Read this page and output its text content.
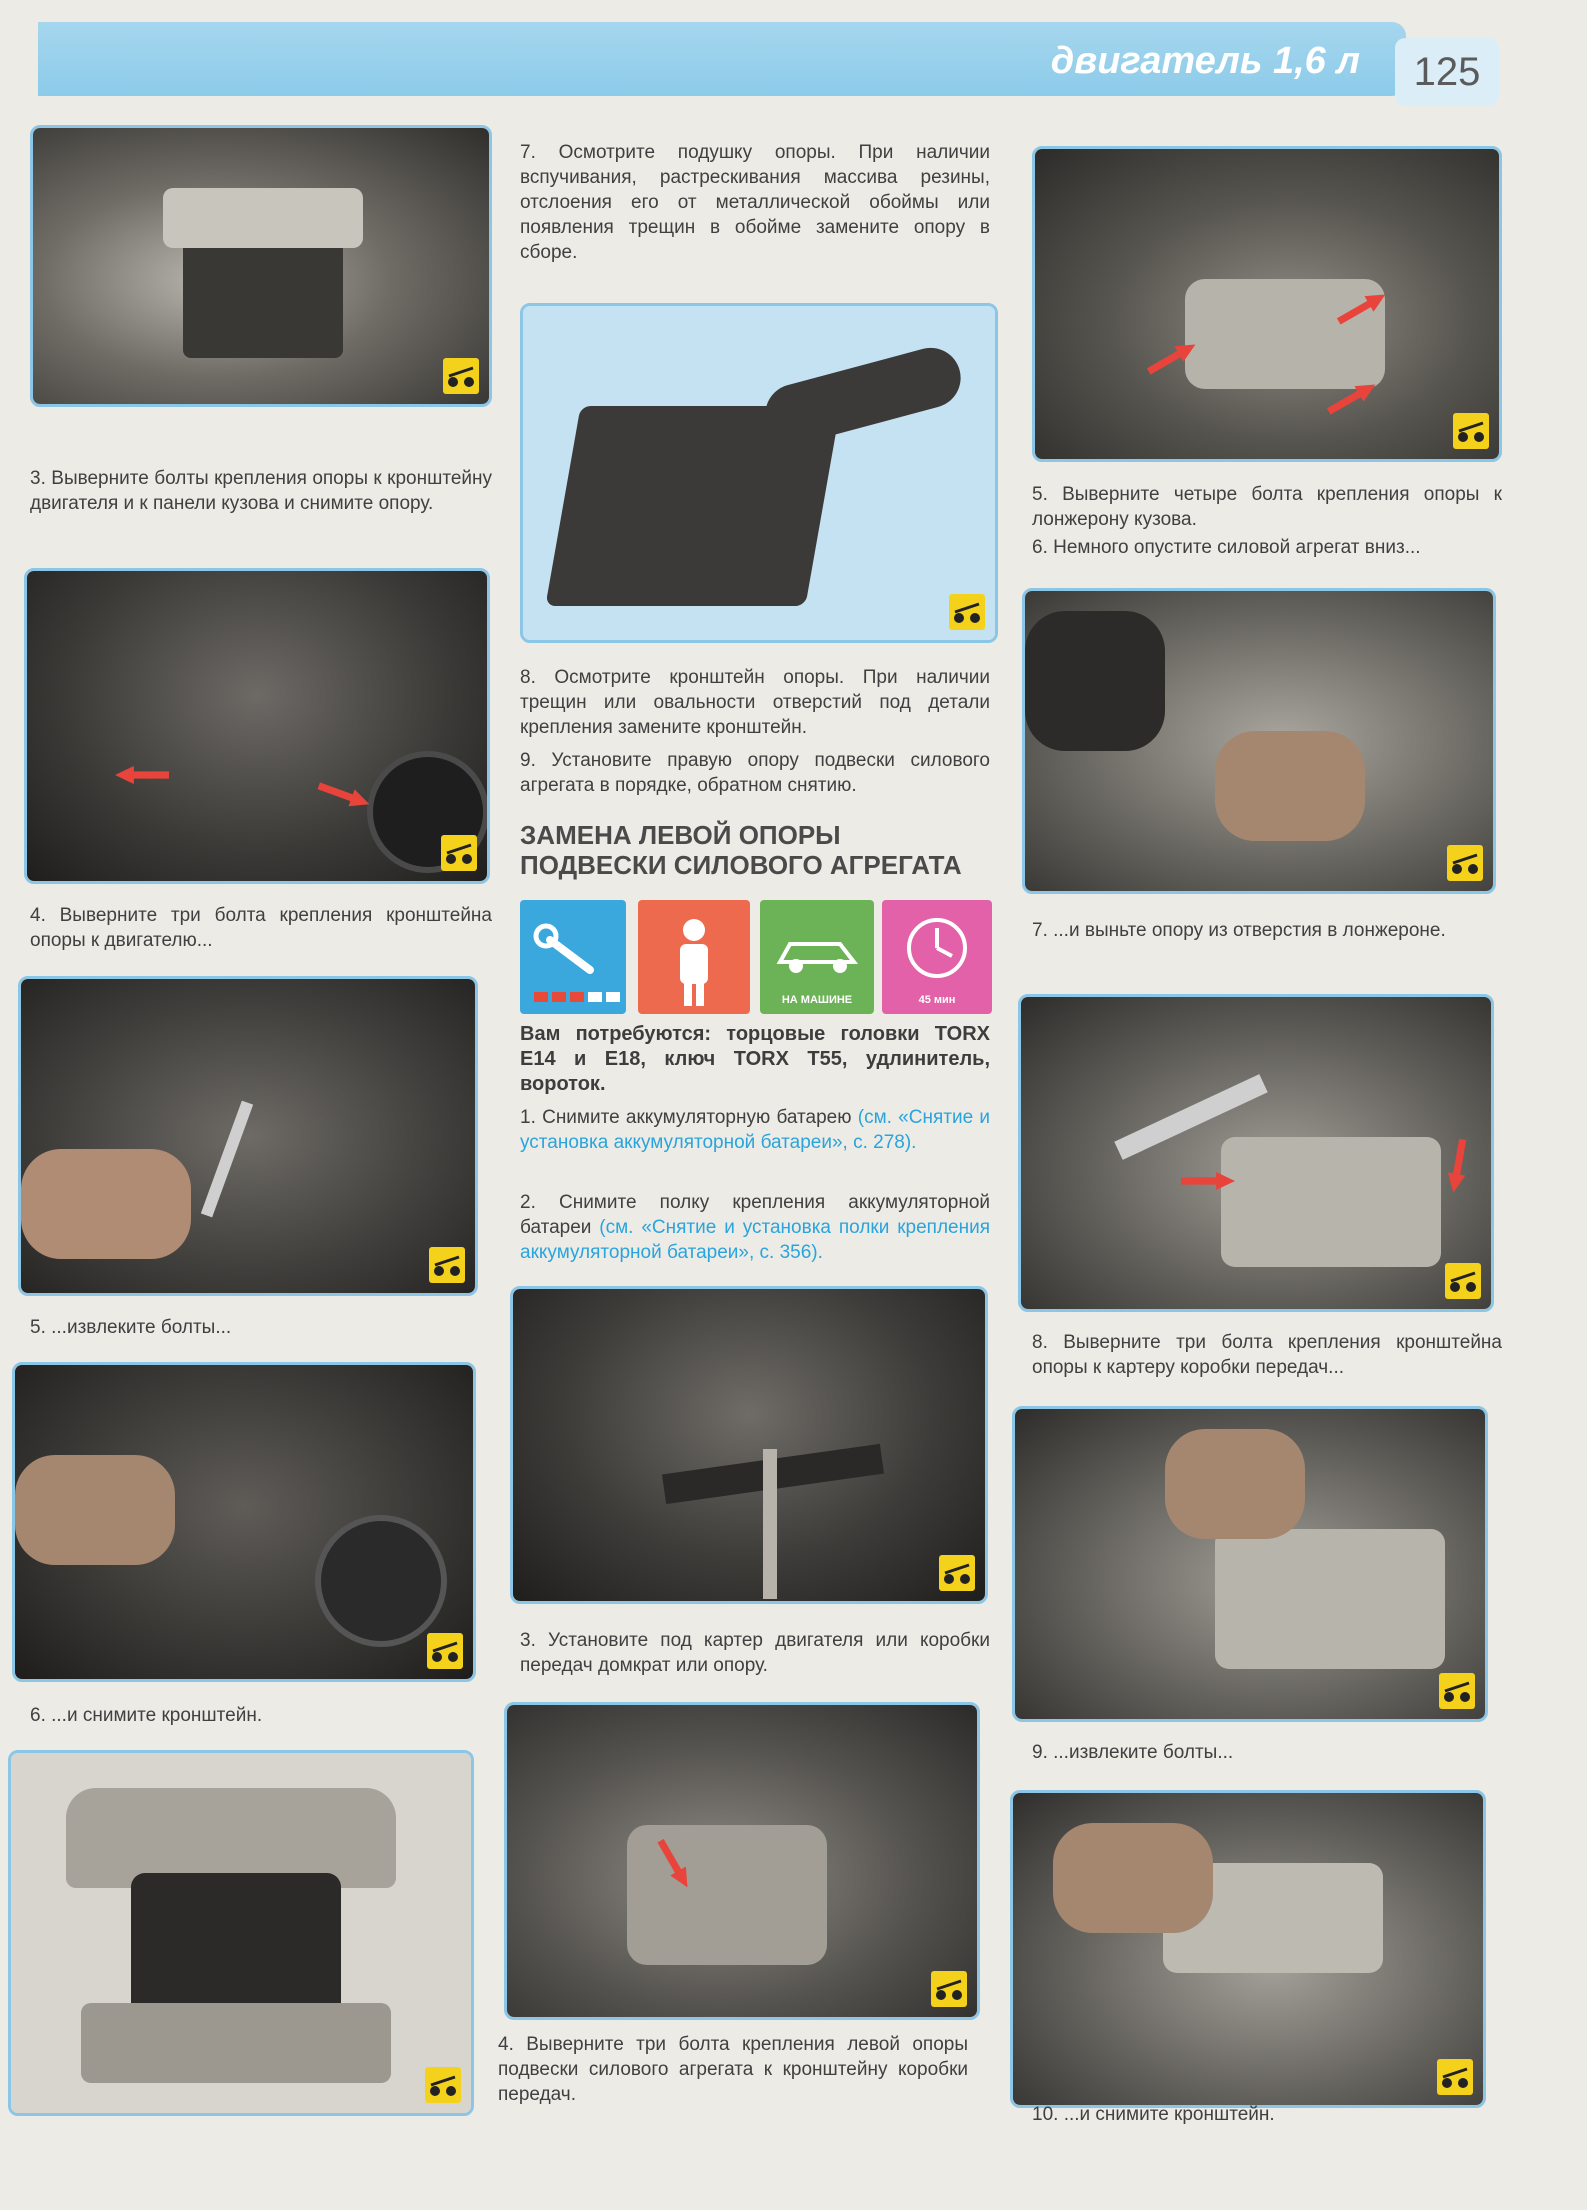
двигатель 1,6 л	125
3. Выверните болты крепления опоры к кронштейну двигателя и к панели кузова и снимите опору.
4. Выверните три болта крепления кронштейна опоры к двигателю...
5. ...извлеките болты...
6. ...и снимите кронштейн.
7. Осмотрите подушку опоры. При наличии вспучивания, растрескивания массива резины, отслоения его от металлической обоймы или появления трещин в обойме замените опору в сборе.
8. Осмотрите кронштейн опоры. При наличии трещин или овальности отверстий под детали крепления замените кронштейн.
9. Установите правую опору подвески силового агрегата в порядке, обратном снятию.
ЗАМЕНА ЛЕВОЙ ОПОРЫ ПОДВЕСКИ СИЛОВОГО АГРЕГАТА
НА МАШИНЕ	45 мин
Вам потребуются: торцовые головки TORX E14 и E18, ключ TORX T55, удлинитель, вороток.
1. Снимите аккумуляторную батарею (см. «Снятие и установка аккумуляторной батареи», с. 278).
2. Снимите полку крепления аккумуляторной батареи (см. «Снятие и установка полки крепления аккумуляторной батареи», с. 356).
3. Установите под картер двигателя или коробки передач домкрат или опору.
4. Выверните три болта крепления левой опоры подвески силового агрегата к кронштейну коробки передач.
5. Выверните четыре болта крепления опоры к лонжерону кузова.
6. Немного опустите силовой агрегат вниз...
7. ...и выньте опору из отверстия в лонжероне.
8. Выверните три болта крепления кронштейна опоры к картеру коробки передач...
9. ...извлеките болты...
10. ...и снимите кронштейн.
